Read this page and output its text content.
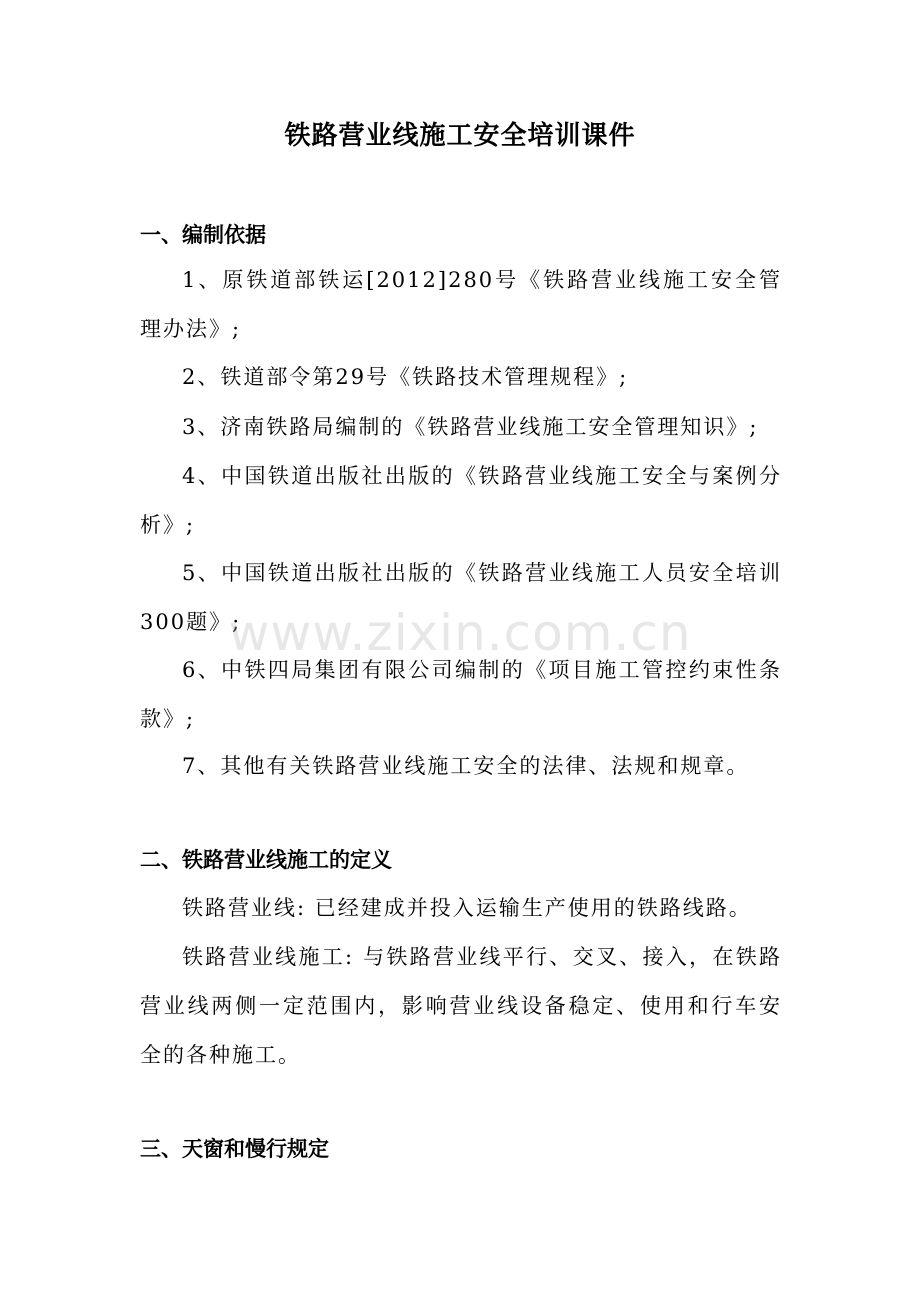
铁路营业线施工安全培训课件
一、编制依据
1、原铁道部铁运[2012]280号《铁路营业线施工安全管理办法》;
2、铁道部令第29号《铁路技术管理规程》;
3、济南铁路局编制的《铁路营业线施工安全管理知识》;
4、中国铁道出版社出版的《铁路营业线施工安全与案例分析》;
5、中国铁道出版社出版的《铁路营业线施工人员安全培训300题》;
6、中铁四局集团有限公司编制的《项目施工管控约束性条款》;
7、其他有关铁路营业线施工安全的法律、法规和规章。
二、铁路营业线施工的定义
铁路营业线: 已经建成并投入运输生产使用的铁路线路。
铁路营业线施工: 与铁路营业线平行、交叉、接入，在铁路营业线两侧一定范围内，影响营业线设备稳定、使用和行车安全的各种施工。
三、天窗和慢行规定
www.zixin.com.cn
